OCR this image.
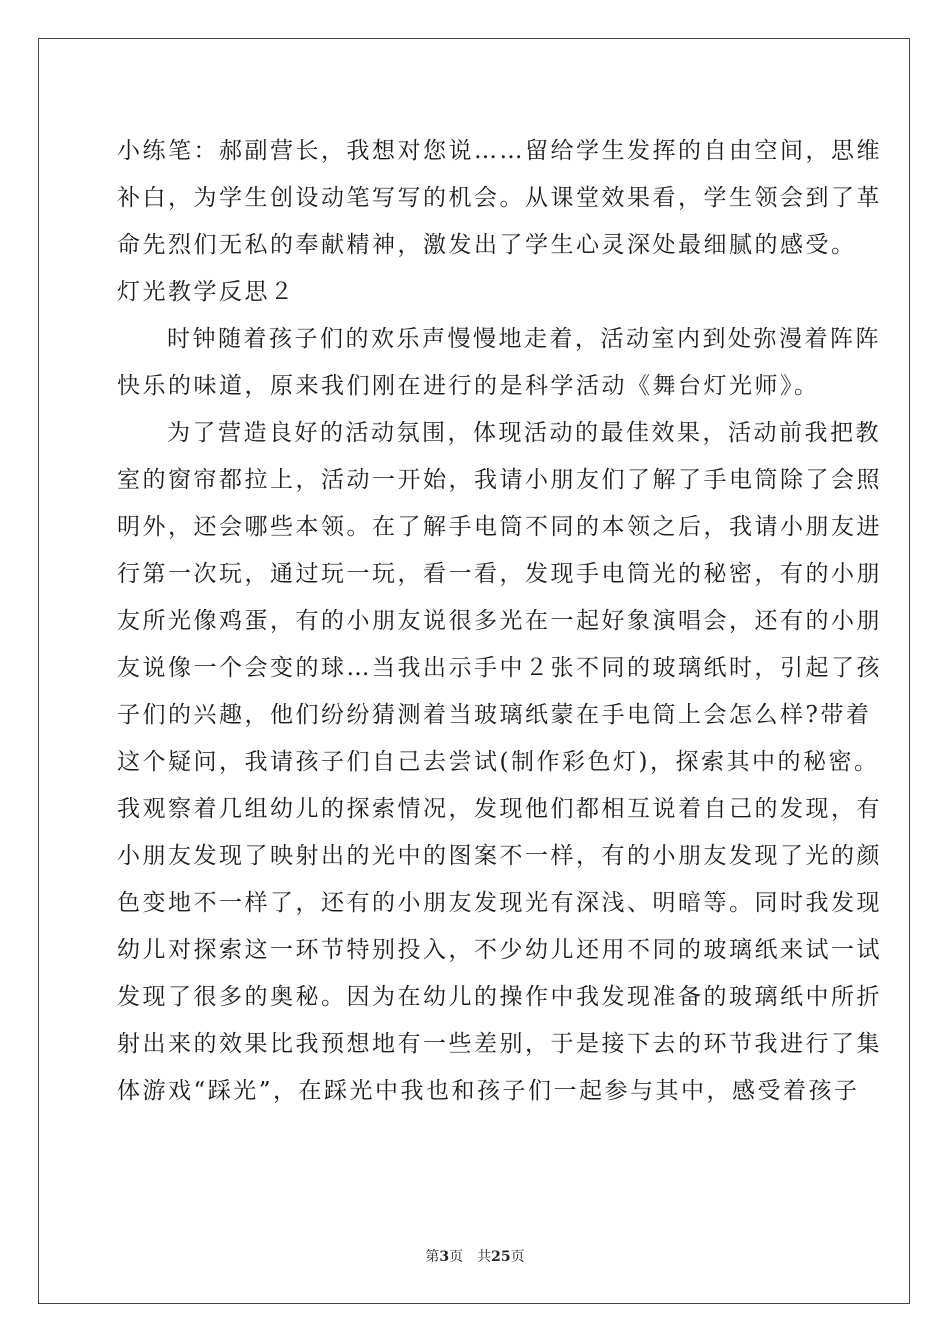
小练笔：郝副营长，我想对您说……留给学生发挥的自由空间，思维
补白，为学生创设动笔写写的机会。从课堂效果看，学生领会到了革
命先烈们无私的奉献精神，激发出了学生心灵深处最细腻的感受。
灯光教学反思２
时钟随着孩子们的欢乐声慢慢地走着，活动室内到处弥漫着阵阵
快乐的味道，原来我们刚在进行的是科学活动《舞台灯光师》。
为了营造良好的活动氛围，体现活动的最佳效果，活动前我把教
室的窗帘都拉上，活动一开始，我请小朋友们了解了手电筒除了会照
明外，还会哪些本领。在了解手电筒不同的本领之后，我请小朋友进
行第一次玩，通过玩一玩，看一看，发现手电筒光的秘密，有的小朋
友所光像鸡蛋，有的小朋友说很多光在一起好象演唱会，还有的小朋
友说像一个会变的球…当我出示手中２张不同的玻璃纸时，引起了孩
子们的兴趣，他们纷纷猜测着当玻璃纸蒙在手电筒上会怎么样?带着
这个疑问，我请孩子们自己去尝试(制作彩色灯)，探索其中的秘密。
我观察着几组幼儿的探索情况，发现他们都相互说着自己的发现，有
小朋友发现了映射出的光中的图案不一样，有的小朋友发现了光的颜
色变地不一样了，还有的小朋友发现光有深浅、明暗等。同时我发现
幼儿对探索这一环节特别投入，不少幼儿还用不同的玻璃纸来试一试
发现了很多的奥秘。因为在幼儿的操作中我发现准备的玻璃纸中所折
射出来的效果比我预想地有一些差别，于是接下去的环节我进行了集
体游戏“踩光”，在踩光中我也和孩子们一起参与其中，感受着孩子
第3页 共25页
